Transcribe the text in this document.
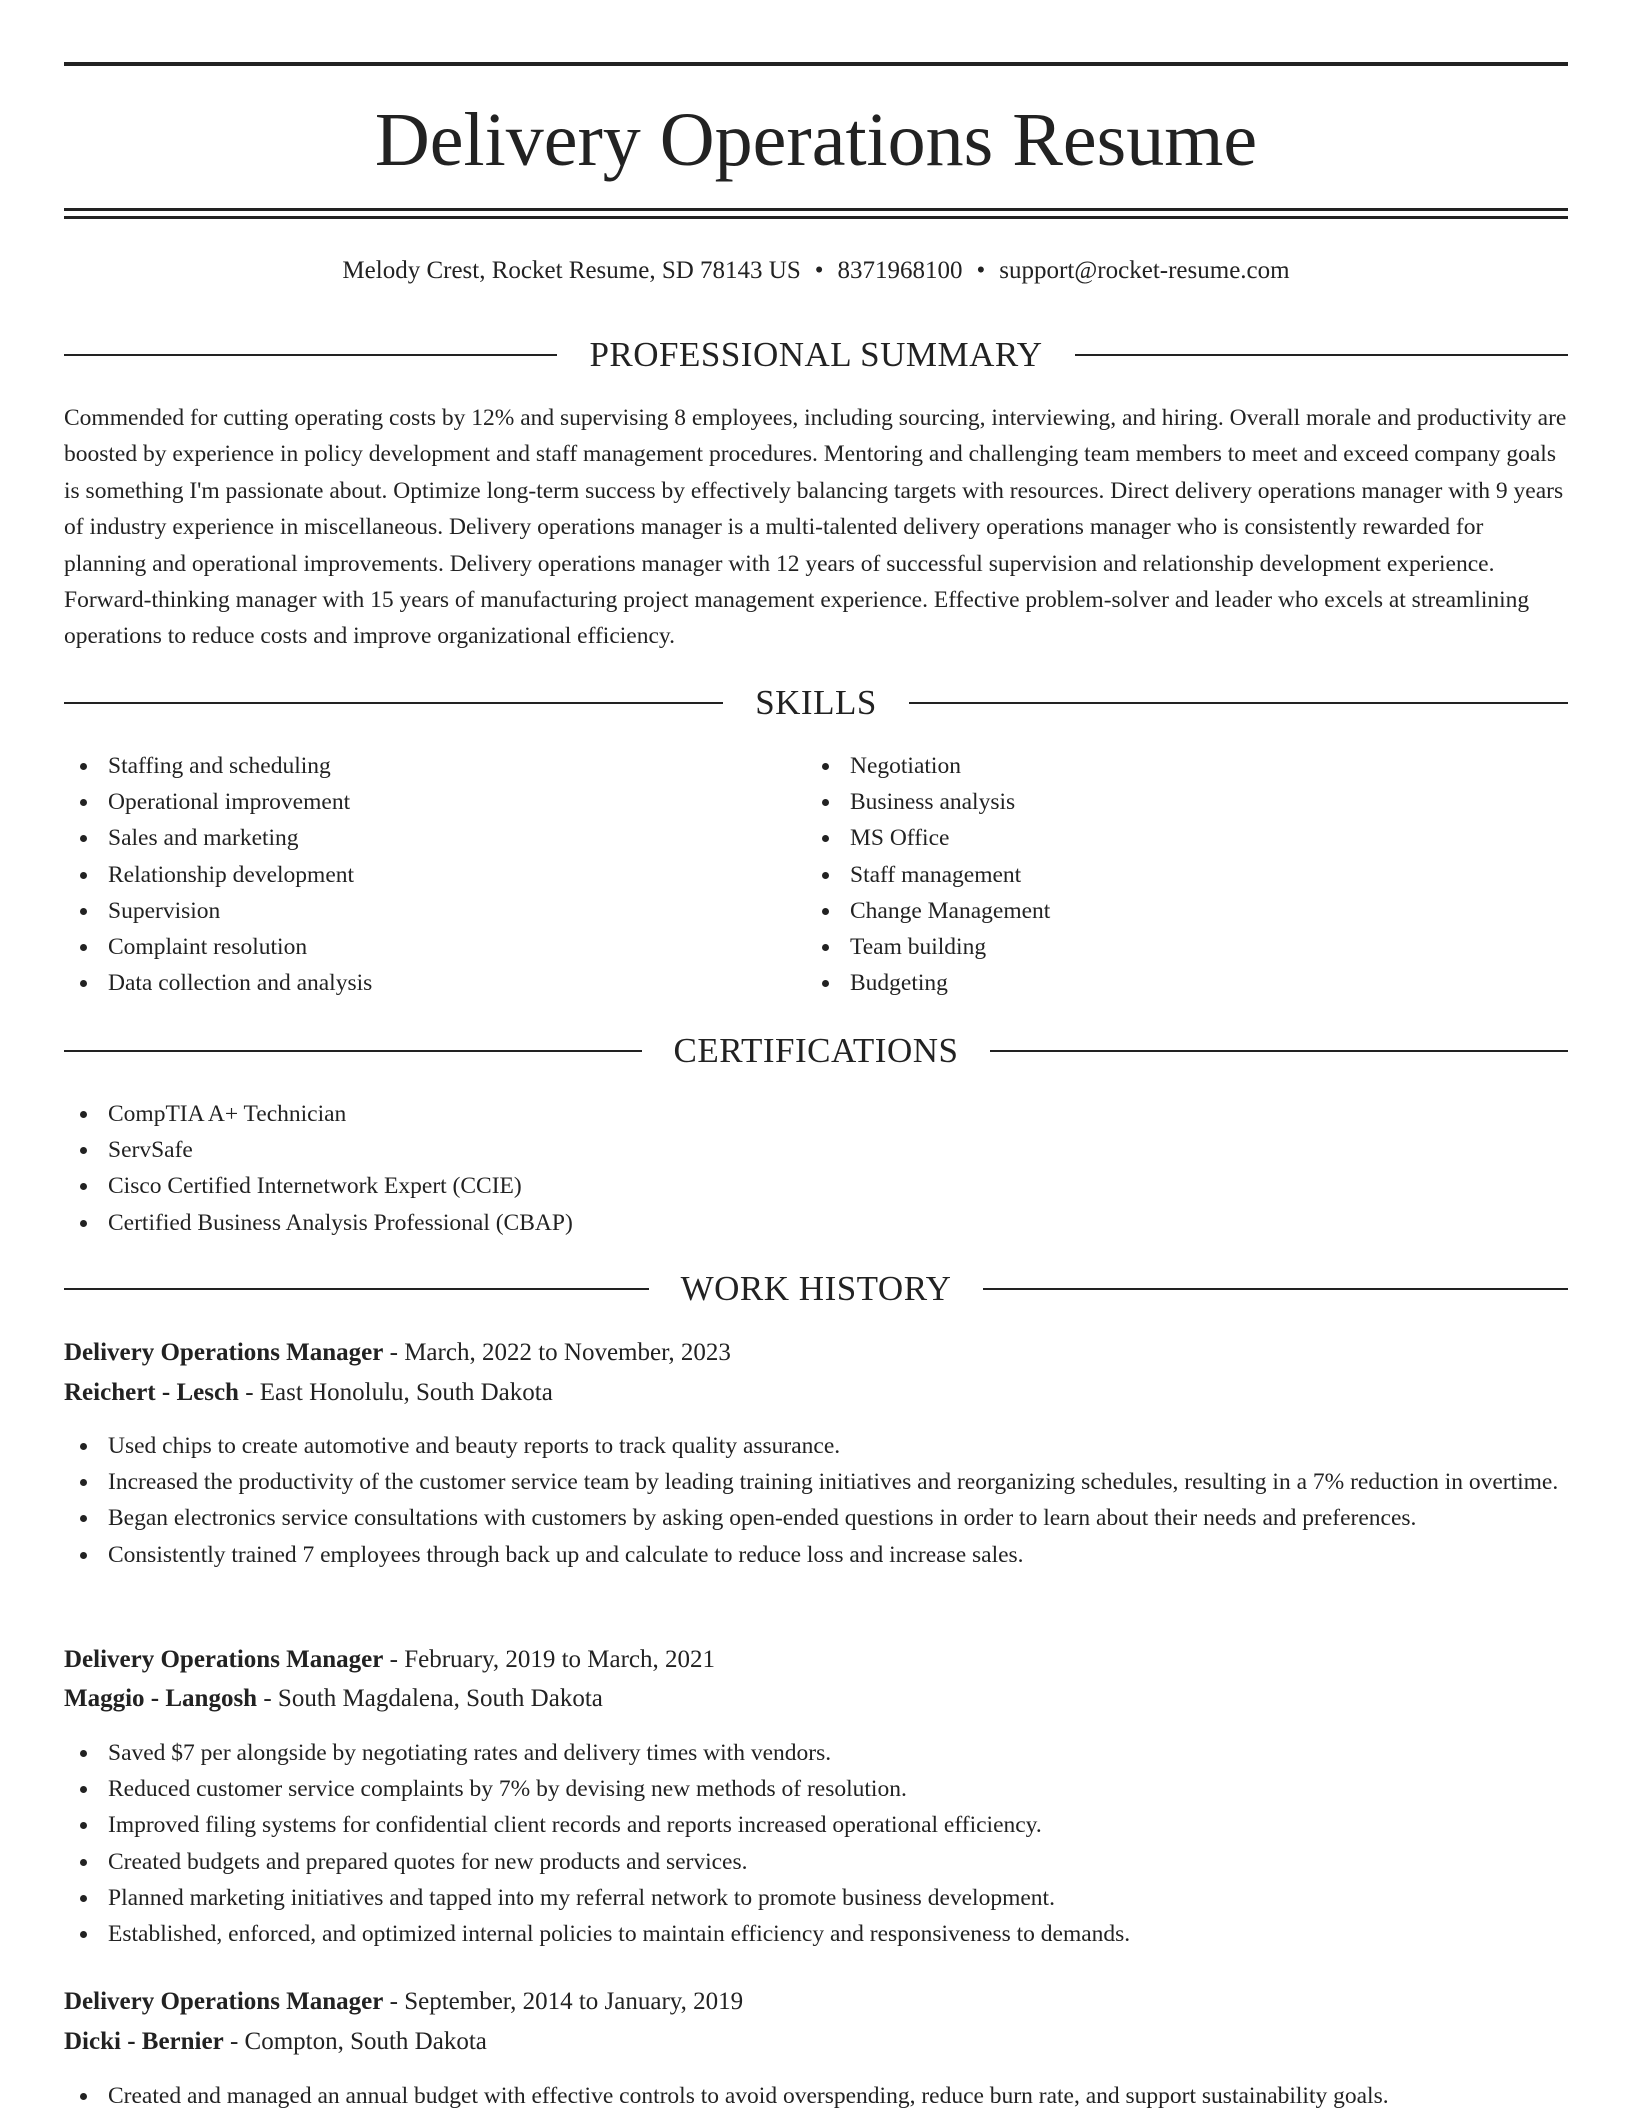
Delivery Operations Resume
Melody Crest, Rocket Resume, SD 78143 US • 8371968100 • support@rocket-resume.com
PROFESSIONAL SUMMARY

Commended for cutting operating costs by 12% and supervising 8 employees, including sourcing, interviewing, and hiring. Overall morale and productivity are boosted by experience in policy development and staff management procedures. Mentoring and challenging team members to meet and exceed company goals is something I'm passionate about. Optimize long-term success by effectively balancing targets with resources. Direct delivery operations manager with 9 years of industry experience in miscellaneous. Delivery operations manager is a multi-talented delivery operations manager who is consistently rewarded for planning and operational improvements. Delivery operations manager with 12 years of successful supervision and relationship development experience. Forward-thinking manager with 15 years of manufacturing project management experience. Effective problem-solver and leader who excels at streamlining operations to reduce costs and improve organizational efficiency.

SKILLS
Staffing and scheduling
Operational improvement
Sales and marketing
Relationship development
Supervision
Complaint resolution
Data collection and analysis
Negotiation
Business analysis
MS Office
Staff management
Change Management
Team building
Budgeting
CERTIFICATIONS
CompTIA A+ Technician
ServSafe
Cisco Certified Internetwork Expert (CCIE)
Certified Business Analysis Professional (CBAP)
WORK HISTORY
Delivery Operations Manager - March, 2022 to November, 2023
Reichert - Lesch - East Honolulu, South Dakota
Used chips to create automotive and beauty reports to track quality assurance.
Increased the productivity of the customer service team by leading training initiatives and reorganizing schedules, resulting in a 7% reduction in overtime.
Began electronics service consultations with customers by asking open-ended questions in order to learn about their needs and preferences.
Consistently trained 7 employees through back up and calculate to reduce loss and increase sales.
Delivery Operations Manager - February, 2019 to March, 2021
Maggio - Langosh - South Magdalena, South Dakota
Saved $7 per alongside by negotiating rates and delivery times with vendors.
Reduced customer service complaints by 7% by devising new methods of resolution.
Improved filing systems for confidential client records and reports increased operational efficiency.
Created budgets and prepared quotes for new products and services.
Planned marketing initiatives and tapped into my referral network to promote business development.
Established, enforced, and optimized internal policies to maintain efficiency and responsiveness to demands.
Delivery Operations Manager - September, 2014 to January, 2019
Dicki - Bernier - Compton, South Dakota
Created and managed an annual budget with effective controls to avoid overspending, reduce burn rate, and support sustainability goals.
